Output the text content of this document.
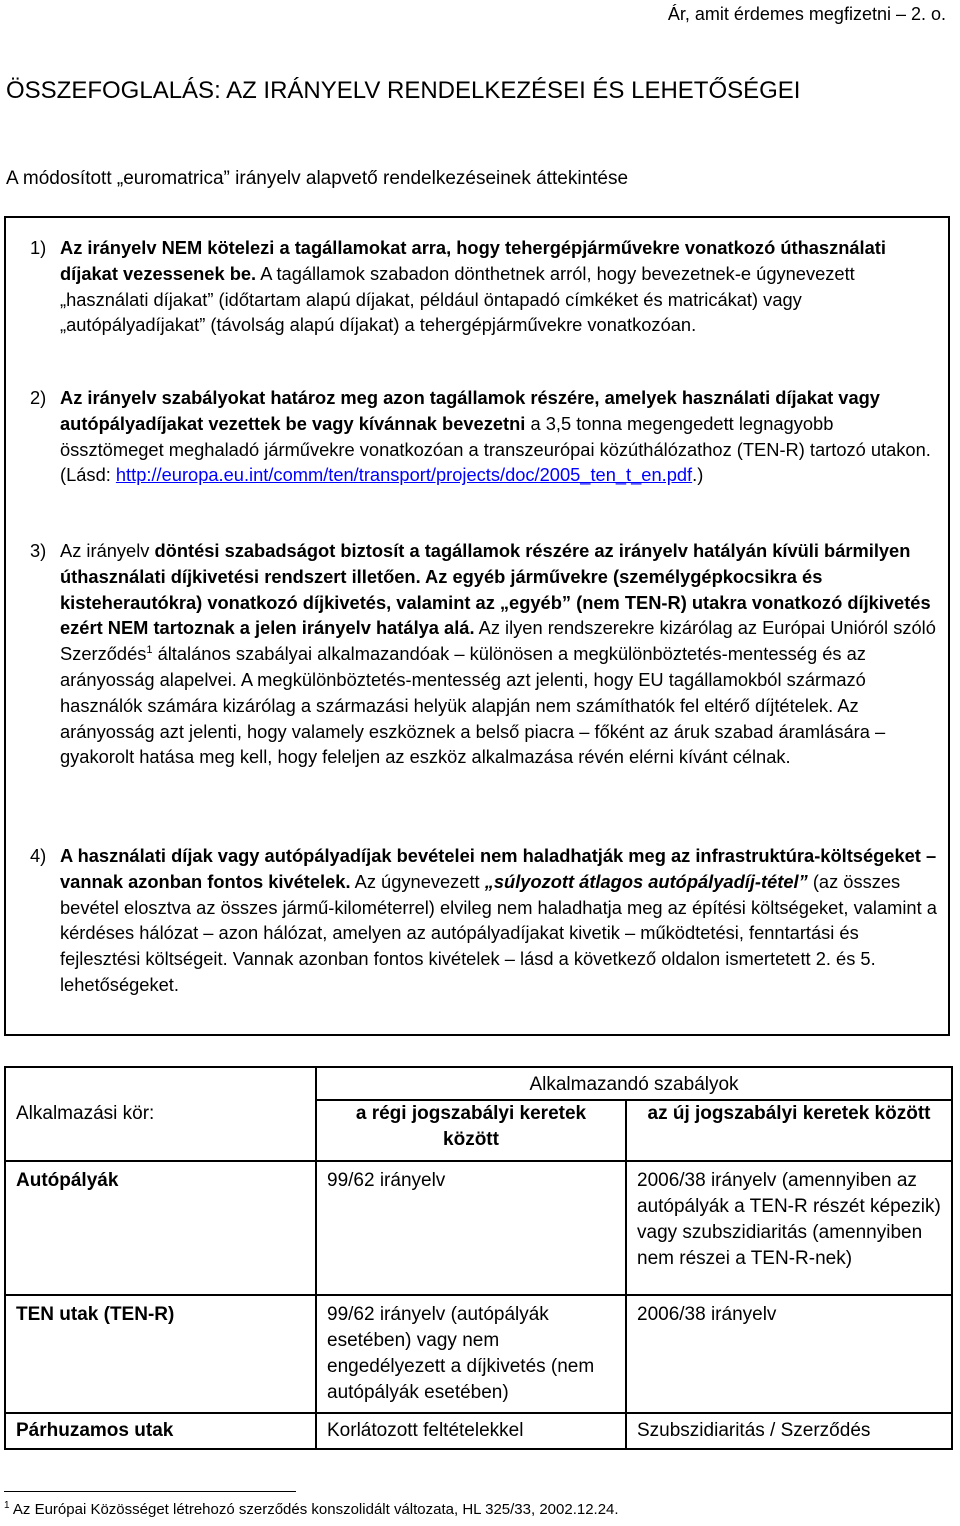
Ár, amit érdemes megfizetni – 2. o.
ÖSSZEFOGLALÁS: AZ IRÁNYELV RENDELKEZÉSEI ÉS LEHETŐSÉGEI
A módosított „euromatrica” irányelv alapvető rendelkezéseinek áttekintése
1) Az irányelv NEM kötelezi a tagállamokat arra, hogy tehergépjárművekre vonatkozó úthasználati díjakat vezessenek be. A tagállamok szabadon dönthetnek arról, hogy bevezetnek-e úgynevezett „használati díjakat” (időtartam alapú díjakat, például öntapadó címkéket és matricákat) vagy „autópályadíjakat” (távolság alapú díjakat) a tehergépjárművekre vonatkozóan.
2) Az irányelv szabályokat határoz meg azon tagállamok részére, amelyek használati díjakat vagy autópályadíjakat vezettek be vagy kívánnak bevezetni a 3,5 tonna megengedett legnagyobb össztömeget meghaladó járművekre vonatkozóan a transzeurópai közúthálózathoz (TEN-R) tartozó utakon.
(Lásd: http://europa.eu.int/comm/ten/transport/projects/doc/2005_ten_t_en.pdf.)
3) Az irányelv döntési szabadságot biztosít a tagállamok részére az irányelv hatályán kívüli bármilyen úthasználati díjkivetési rendszert illetően. Az egyéb járművekre (személygépkocsikra és kisteherautókra) vonatkozó díjkivetés, valamint az „egyéb” (nem TEN-R) utakra vonatkozó díjkivetés ezért NEM tartoznak a jelen irányelv hatálya alá. Az ilyen rendszerekre kizárólag az Európai Unióról szóló Szerződés$^1$ általános szabályai alkalmazandóak – különösen a megkülönböztetés-mentesség és az arányosság alapelvei. A megkülönböztetés-mentesség azt jelenti, hogy EU tagállamokból származó használók számára kizárólag a származási helyük alapján nem számíthatók fel eltérő díjtételek. Az arányosság azt jelenti, hogy valamely eszköznek a belső piacra – főként az áruk szabad áramlására – gyakorolt hatása meg kell, hogy feleljen az eszköz alkalmazása révén elérni kívánt célnak.
4) A használati díjak vagy autópályadíjak bevételei nem haladhatják meg az infrastruktúra-költségeket – vannak azonban fontos kivételek. Az úgynevezett „súlyozott átlagos autópályadíj-tétel” (az összes bevétel elosztva az összes jármű-kilométerrel) elvileg nem haladhatja meg az építési költségeket, valamint a kérdéses hálózat – azon hálózat, amelyen az autópályadíjakat kivetik – működtetési, fenntartási és fejlesztési költségeit. Vannak azonban fontos kivételek – lásd a következő oldalon ismertetett 2. és 5. lehetőségeket.
Alkalmazási kör:	Alkalmazandó szabályok	
	a régi jogszabályi keretek között	az új jogszabályi keretek között
Autópályák	99/62 irányelv	2006/38 irányelv (amennyiben az autópályák a TEN-R részét képezik) vagy szubszidiaritás (amennyiben nem részei a TEN-R-nek)
TEN utak (TEN-R)	99/62 irányelv (autópályák esetében) vagy nem engedélyezett a díjkivetés (nem autópályák esetében)	2006/38 irányelv
Párhuzamos utak	Korlátozott feltételekkel	Szubszidiaritás / Szerződés
$^1$ Az Európai Közösséget létrehozó szerződés konszolidált változata, HL 325/33, 2002.12.24.
